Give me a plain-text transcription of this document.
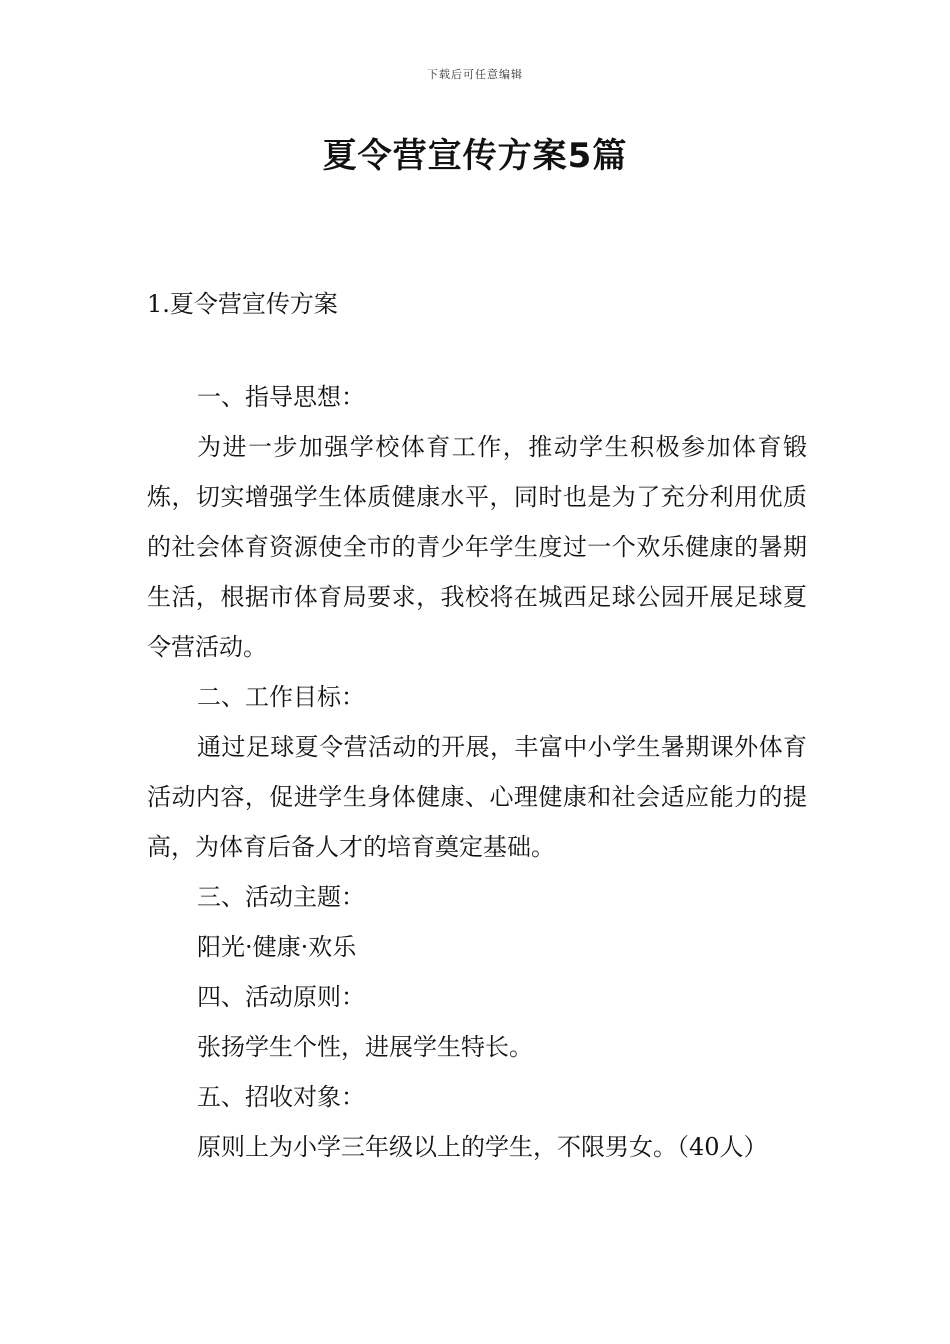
下载后可任意编辑
夏令营宣传方案5篇
1.夏令营宣传方案

一、指导思想：

为进一步加强学校体育工作，推动学生积极参加体育锻炼，切实增强学生体质健康水平，同时也是为了充分利用优质的社会体育资源使全市的青少年学生度过一个欢乐健康的暑期生活，根据市体育局要求，我校将在城西足球公园开展足球夏令营活动。

二、工作目标：

通过足球夏令营活动的开展，丰富中小学生暑期课外体育活动内容，促进学生身体健康、心理健康和社会适应能力的提高，为体育后备人才的培育奠定基础。

三、活动主题：

阳光·健康·欢乐

四、活动原则：

张扬学生个性，进展学生特长。

五、招收对象：

原则上为小学三年级以上的学生，不限男女。（40人）
